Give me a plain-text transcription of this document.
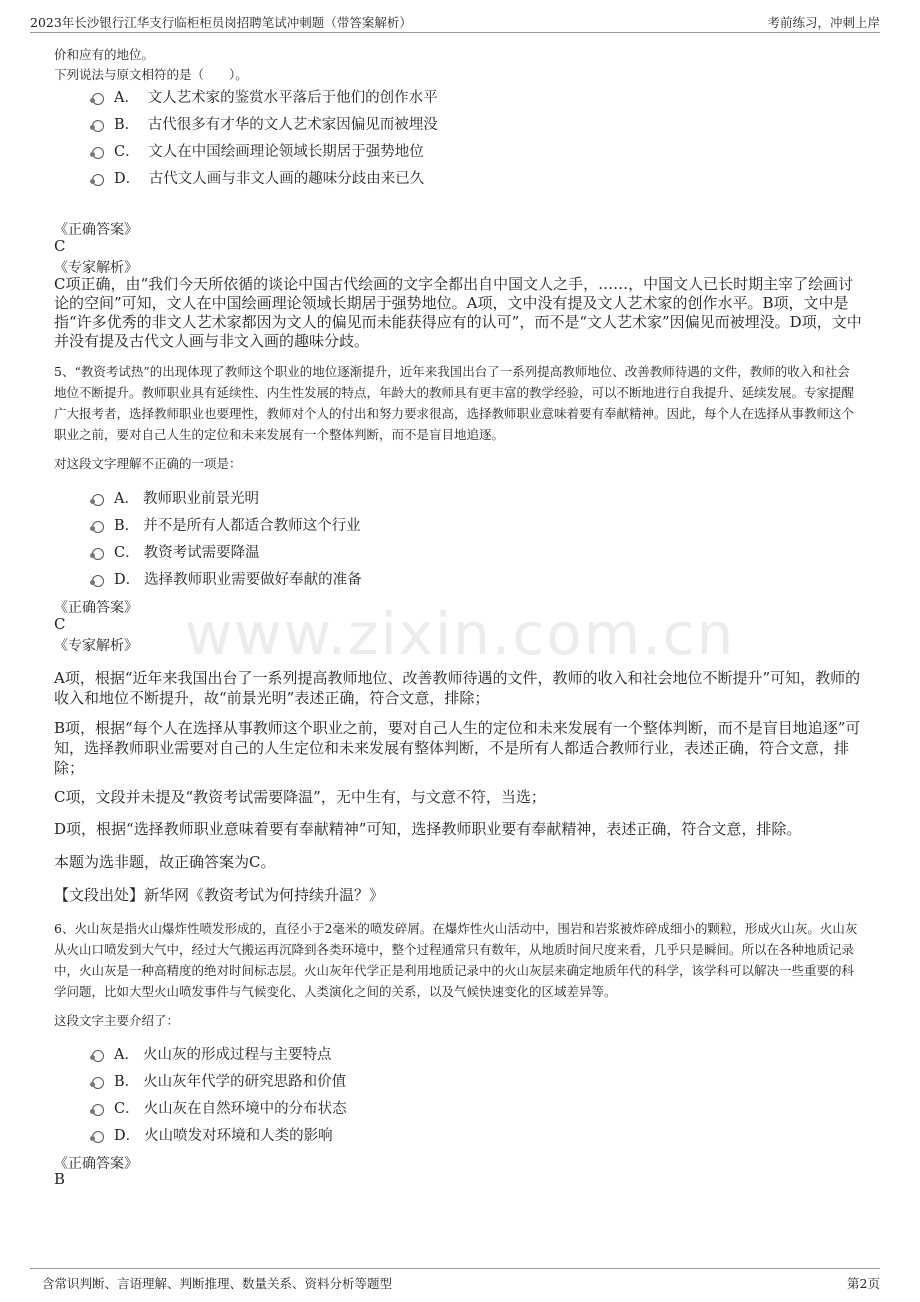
2023年长沙银行江华支行临柜柜员岗招聘笔试冲刺题（带答案解析）	考前练习，冲刺上岸
www.zixin.com.cn
价和应有的地位。
下列说法与原文相符的是（　　）。
A． 文人艺术家的鉴赏水平落后于他们的创作水平
B． 古代很多有才华的文人艺术家因偏见而被埋没
C． 文人在中国绘画理论领域长期居于强势地位
D． 古代文人画与非文人画的趣味分歧由来已久
《正确答案》
C
《专家解析》
C项正确，由“我们今天所依循的谈论中国古代绘画的文字全都出自中国文人之手，……，中国文人已长时期主宰了绘画讨论的空间”可知，文人在中国绘画理论领域长期居于强势地位。A项，文中没有提及文人艺术家的创作水平。B项，文中是指“许多优秀的非文人艺术家都因为文人的偏见而未能获得应有的认可”，而不是“文人艺术家”因偏见而被埋没。D项，文中并没有提及古代文人画与非文入画的趣味分歧。
5、“教资考试热”的出现体现了教师这个职业的地位逐渐提升，近年来我国出台了一系列提高教师地位、改善教师待遇的文件，教师的收入和社会地位不断提升。教师职业具有延续性、内生性发展的特点，年龄大的教师具有更丰富的教学经验，可以不断地进行自我提升、延续发展。专家提醒广大报考者，选择教师职业也要理性，教师对个人的付出和努力要求很高，选择教师职业意味着要有奉献精神。因此，每个人在选择从事教师这个职业之前，要对自己人生的定位和未来发展有一个整体判断，而不是盲目地追逐。
对这段文字理解不正确的一项是：
A． 教师职业前景光明
B． 并不是所有人都适合教师这个行业
C． 教资考试需要降温
D． 选择教师职业需要做好奉献的准备
《正确答案》
C
《专家解析》
A项，根据“近年来我国出台了一系列提高教师地位、改善教师待遇的文件，教师的收入和社会地位不断提升”可知，教师的收入和地位不断提升，故“前景光明”表述正确，符合文意，排除；
B项，根据“每个人在选择从事教师这个职业之前，要对自己人生的定位和未来发展有一个整体判断，而不是盲目地追逐”可知，选择教师职业需要对自己的人生定位和未来发展有整体判断，不是所有人都适合教师行业，表述正确，符合文意，排除；
C项，文段并未提及“教资考试需要降温”，无中生有，与文意不符，当选；
D项，根据“选择教师职业意味着要有奉献精神”可知，选择教师职业要有奉献精神，表述正确，符合文意，排除。
本题为选非题，故正确答案为C。
【文段出处】新华网《教资考试为何持续升温？》
6、火山灰是指火山爆炸性喷发形成的，直径小于2毫米的喷发碎屑。在爆炸性火山活动中，围岩和岩浆被炸碎成细小的颗粒，形成火山灰。火山灰从火山口喷发到大气中，经过大气搬运再沉降到各类环境中，整个过程通常只有数年，从地质时间尺度来看，几乎只是瞬间。所以在各种地质记录中，火山灰是一种高精度的绝对时间标志层。火山灰年代学正是利用地质记录中的火山灰层来确定地质年代的科学，该学科可以解决一些重要的科学问题，比如大型火山喷发事件与气候变化、人类演化之间的关系，以及气候快速变化的区域差异等。
这段文字主要介绍了：
A． 火山灰的形成过程与主要特点
B． 火山灰年代学的研究思路和价值
C． 火山灰在自然环境中的分布状态
D． 火山喷发对环境和人类的影响
《正确答案》
B
含常识判断、言语理解、判断推理、数量关系、资料分析等题型	第2页
